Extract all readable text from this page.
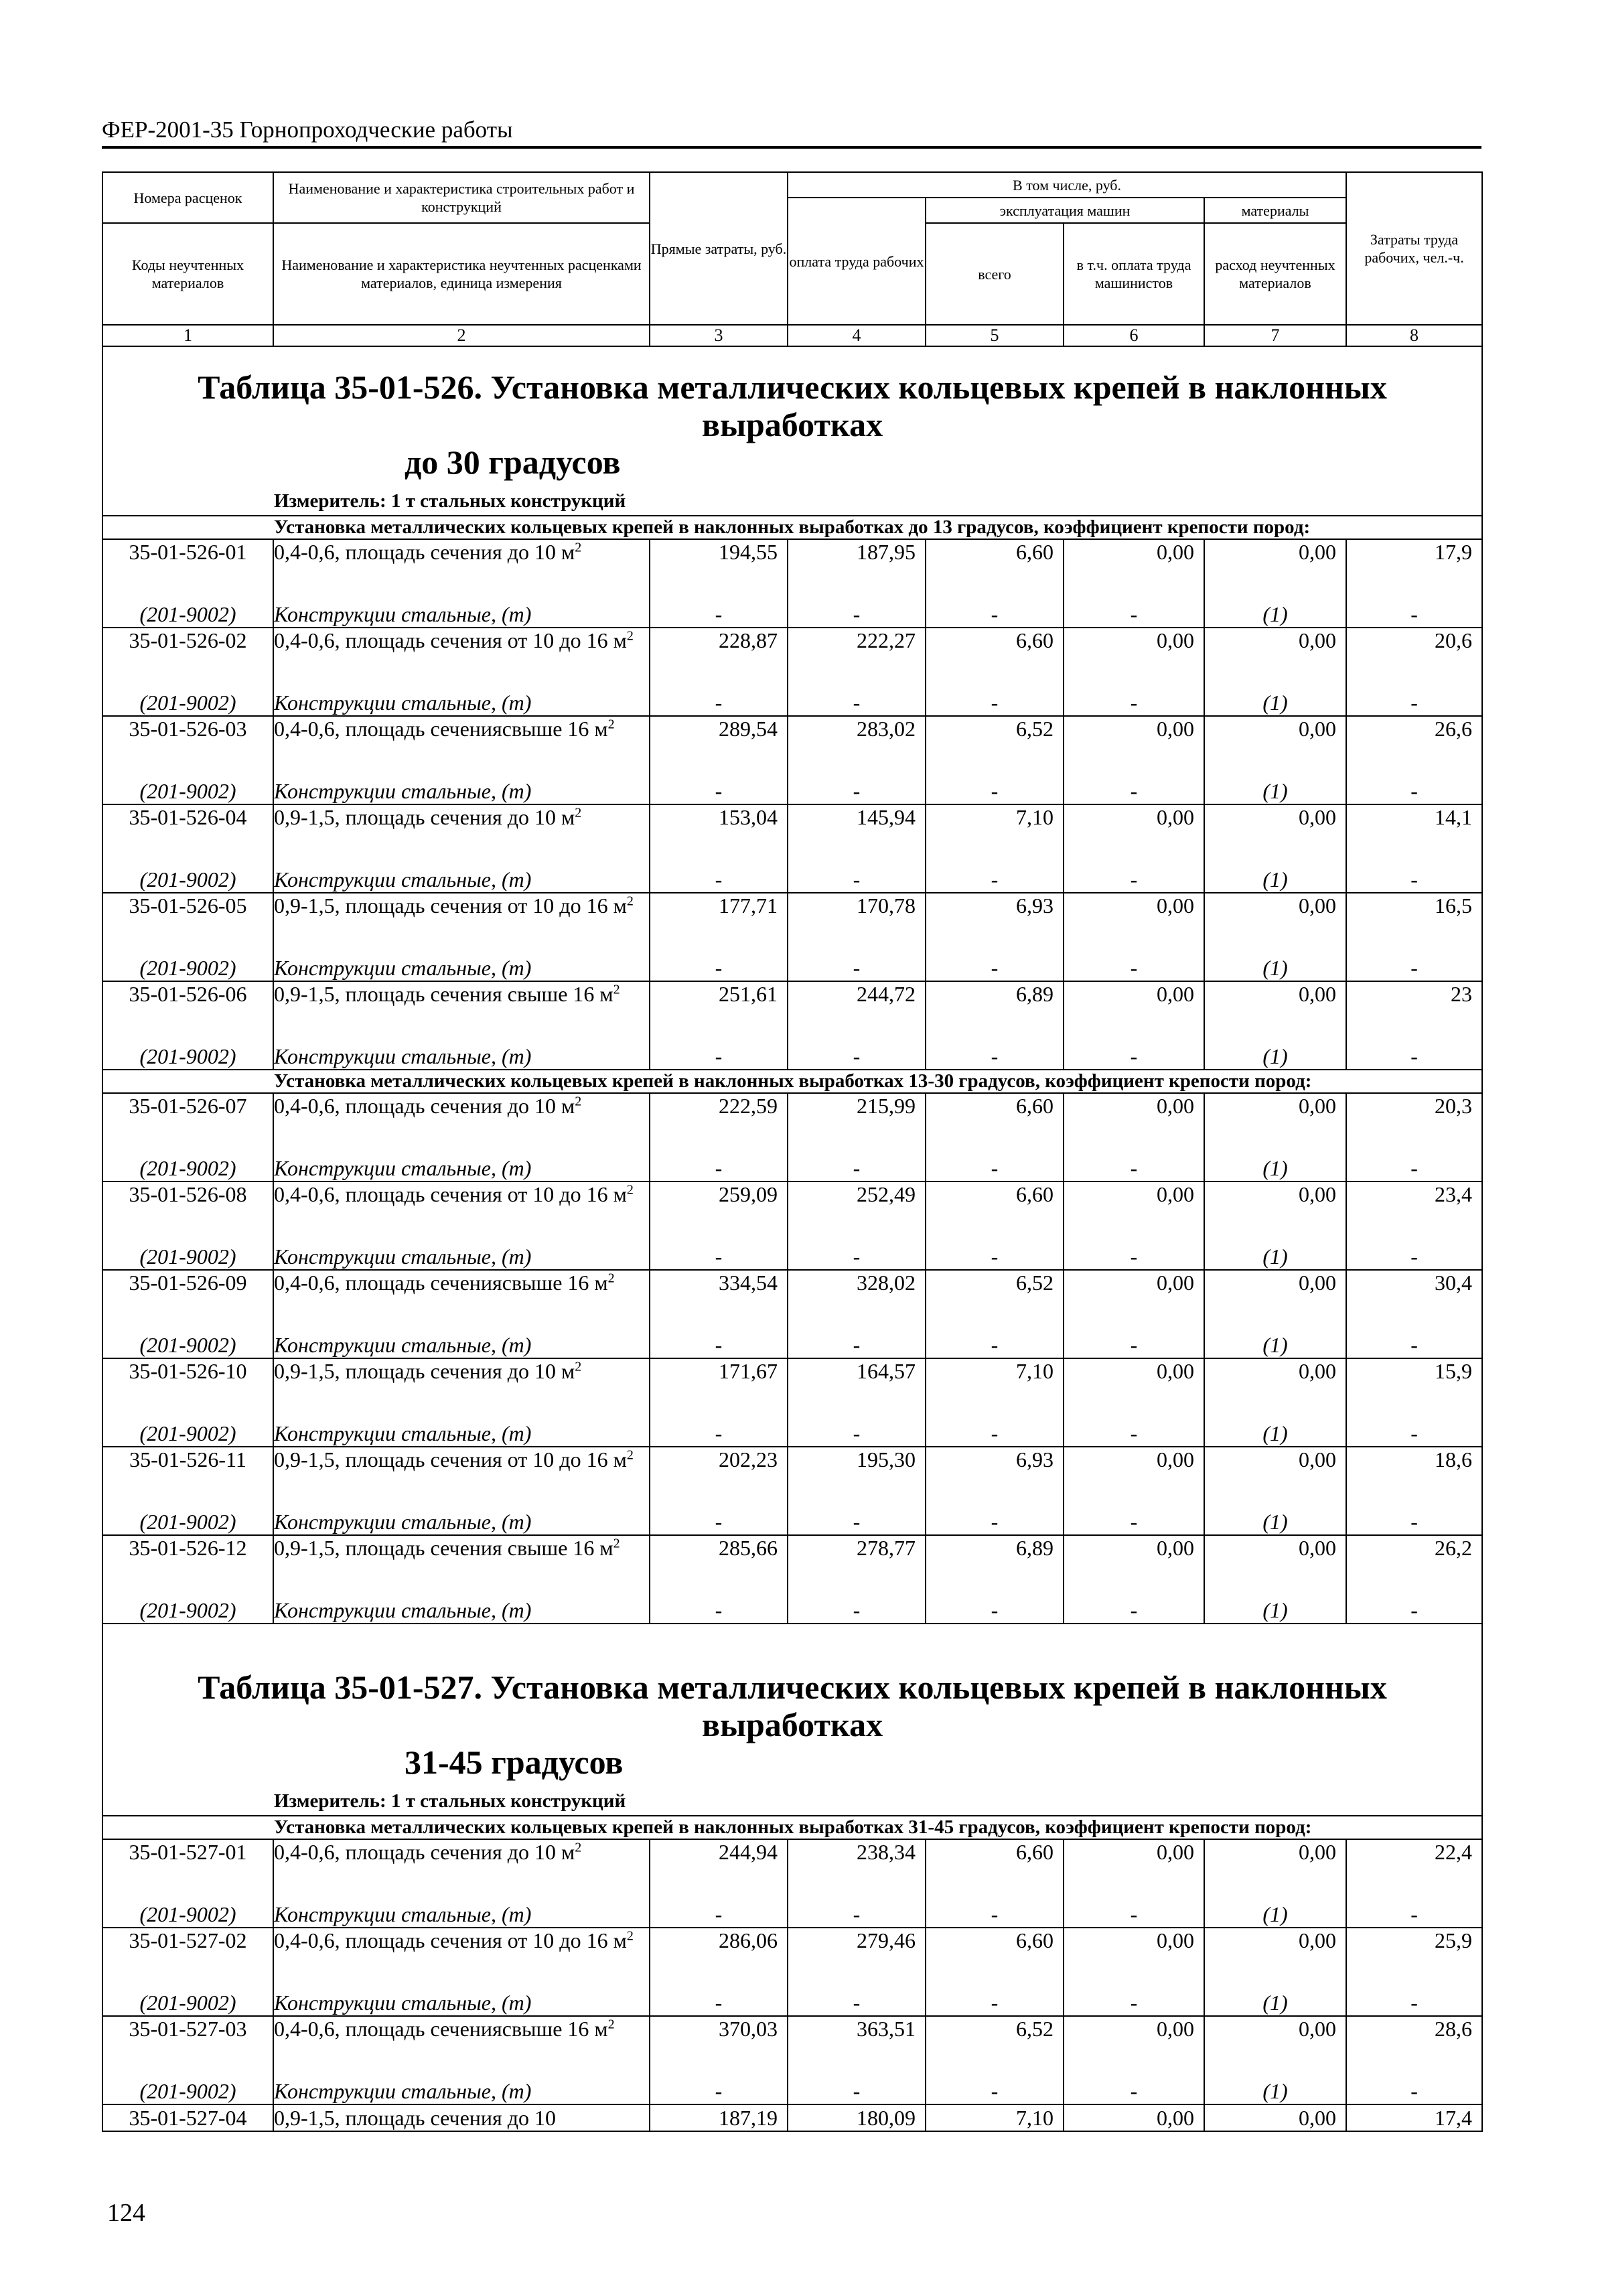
ФЕР-2001-35 Горнопроходческие работы
Номера расценок	Наименование и характеристика строительных работ и конструкций	Прямые затраты, руб.	В том числе, руб.				Затраты труда рабочих, чел.-ч.
			оплата труда рабочих	эксплуатация машин		материалы	
Коды неучтенных материалов	Наименование и характеристика неучтенных расценками материалов, единица измерения			всего	в т.ч. оплата труда машинистов	расход неучтенных материалов	

1	2	3	4	5	6	7	8

Таблица 35-01-526. Установка металлических кольцевых крепей в наклонных выработках
до 30 градусов							

Измеритель: 1 т стальных конструкций							
Установка металлических кольцевых крепей в наклонных выработках до 13 градусов, коэффициент крепости пород:							
35-01-526-01	0,4-0,6, площадь сечения до 10 $м^2$	194,55	187,95	6,60	0,00	0,00	17,9
(201-9002)	Конструкции стальные, (т)	-	-	-	-	(1)	-
35-01-526-02	0,4-0,6, площадь сечения от 10 до 16 $м^2$	228,87	222,27	6,60	0,00	0,00	20,6
(201-9002)	Конструкции стальные, (т)	-	-	-	-	(1)	-
35-01-526-03	0,4-0,6, площадь сечениясвыше 16 $м^2$	289,54	283,02	6,52	0,00	0,00	26,6
(201-9002)	Конструкции стальные, (т)	-	-	-	-	(1)	-
35-01-526-04	0,9-1,5, площадь сечения до 10 $м^2$	153,04	145,94	7,10	0,00	0,00	14,1
(201-9002)	Конструкции стальные, (т)	-	-	-	-	(1)	-
35-01-526-05	0,9-1,5, площадь сечения от 10 до 16 $м^2$	177,71	170,78	6,93	0,00	0,00	16,5
(201-9002)	Конструкции стальные, (т)	-	-	-	-	(1)	-
35-01-526-06	0,9-1,5, площадь сечения свыше 16 $м^2$	251,61	244,72	6,89	0,00	0,00	23
(201-9002)	Конструкции стальные, (т)	-	-	-	-	(1)	-
Установка металлических кольцевых крепей в наклонных выработках 13-30 градусов, коэффициент крепости пород:							
35-01-526-07	0,4-0,6, площадь сечения до 10 $м^2$	222,59	215,99	6,60	0,00	0,00	20,3
(201-9002)	Конструкции стальные, (т)	-	-	-	-	(1)	-
35-01-526-08	0,4-0,6, площадь сечения от 10 до 16 $м^2$	259,09	252,49	6,60	0,00	0,00	23,4
(201-9002)	Конструкции стальные, (т)	-	-	-	-	(1)	-
35-01-526-09	0,4-0,6, площадь сечениясвыше 16 $м^2$	334,54	328,02	6,52	0,00	0,00	30,4
(201-9002)	Конструкции стальные, (т)	-	-	-	-	(1)	-
35-01-526-10	0,9-1,5, площадь сечения до 10 $м^2$	171,67	164,57	7,10	0,00	0,00	15,9
(201-9002)	Конструкции стальные, (т)	-	-	-	-	(1)	-
35-01-526-11	0,9-1,5, площадь сечения от 10 до 16 $м^2$	202,23	195,30	6,93	0,00	0,00	18,6
(201-9002)	Конструкции стальные, (т)	-	-	-	-	(1)	-
35-01-526-12	0,9-1,5, площадь сечения свыше 16 $м^2$	285,66	278,77	6,89	0,00	0,00	26,2
(201-9002)	Конструкции стальные, (т)	-	-	-	-	(1)	-

Таблица 35-01-527. Установка металлических кольцевых крепей в наклонных выработках
31-45 градусов							

Измеритель: 1 т стальных конструкций							
Установка металлических кольцевых крепей в наклонных выработках 31-45 градусов, коэффициент крепости пород:							
35-01-527-01	0,4-0,6, площадь сечения до 10 $м^2$	244,94	238,34	6,60	0,00	0,00	22,4
(201-9002)	Конструкции стальные, (т)	-	-	-	-	(1)	-
35-01-527-02	0,4-0,6, площадь сечения от 10 до 16 $м^2$	286,06	279,46	6,60	0,00	0,00	25,9
(201-9002)	Конструкции стальные, (т)	-	-	-	-	(1)	-
35-01-527-03	0,4-0,6, площадь сечениясвыше 16 $м^2$	370,03	363,51	6,52	0,00	0,00	28,6
(201-9002)	Конструкции стальные, (т)	-	-	-	-	(1)	-
35-01-527-04	0,9-1,5, площадь сечения до 10	187,19	180,09	7,10	0,00	0,00	17,4
124
